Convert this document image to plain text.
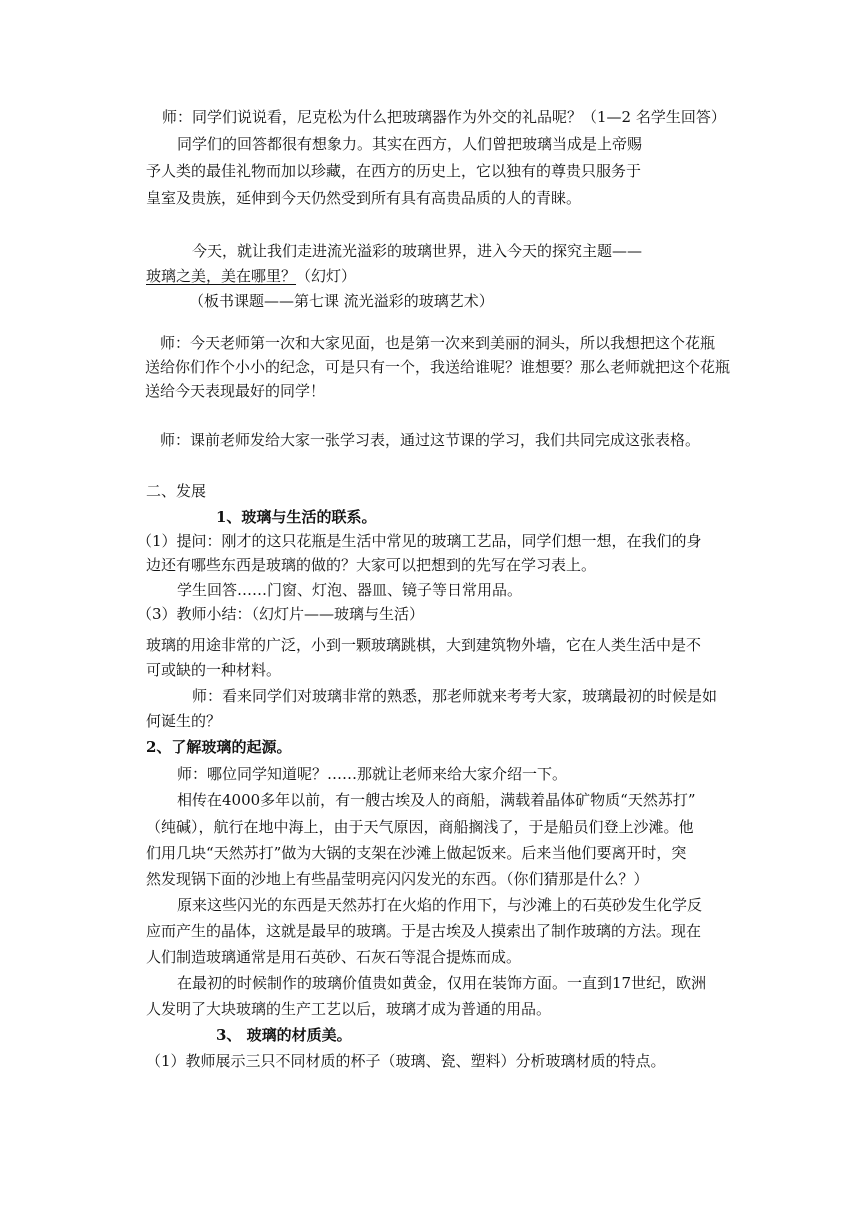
师：同学们说说看，尼克松为什么把玻璃器作为外交的礼品呢？（1—2 名学生回答）
同学们的回答都很有想象力。其实在西方，人们曾把玻璃当成是上帝赐
予人类的最佳礼物而加以珍藏，在西方的历史上，它以独有的尊贵只服务于
皇室及贵族，延伸到今天仍然受到所有具有高贵品质的人的青睐。
今天，就让我们走进流光溢彩的玻璃世界，进入今天的探究主题——
玻璃之美，美在哪里？（幻灯）
（板书课题——第七课 流光溢彩的玻璃艺术）
师：今天老师第一次和大家见面，也是第一次来到美丽的洞头，所以我想把这个花瓶
送给你们作个小小的纪念，可是只有一个，我送给谁呢？谁想要？那么老师就把这个花瓶
送给今天表现最好的同学！
师：课前老师发给大家一张学习表，通过这节课的学习，我们共同完成这张表格。
二、发展
1、玻璃与生活的联系。
（1）提问：刚才的这只花瓶是生活中常见的玻璃工艺品，同学们想一想，在我们的身
边还有哪些东西是玻璃的做的？大家可以把想到的先写在学习表上。
学生回答……门窗、灯泡、器皿、镜子等日常用品。
（3）教师小结：（幻灯片——玻璃与生活）
玻璃的用途非常的广泛，小到一颗玻璃跳棋，大到建筑物外墙，它在人类生活中是不
可或缺的一种材料。
师：看来同学们对玻璃非常的熟悉，那老师就来考考大家，玻璃最初的时候是如
何诞生的？
2、了解玻璃的起源。
师：哪位同学知道呢？……那就让老师来给大家介绍一下。
相传在4000多年以前，有一艘古埃及人的商船，满载着晶体矿物质“天然苏打”
（纯碱），航行在地中海上，由于天气原因，商船搁浅了，于是船员们登上沙滩。他
们用几块“天然苏打”做为大锅的支架在沙滩上做起饭来。后来当他们要离开时，突
然发现锅下面的沙地上有些晶莹明亮闪闪发光的东西。（你们猜那是什么？）
原来这些闪光的东西是天然苏打在火焰的作用下，与沙滩上的石英砂发生化学反
应而产生的晶体，这就是最早的玻璃。于是古埃及人摸索出了制作玻璃的方法。现在
人们制造玻璃通常是用石英砂、石灰石等混合提炼而成。
在最初的时候制作的玻璃价值贵如黄金，仅用在装饰方面。一直到17世纪，欧洲
人发明了大块玻璃的生产工艺以后，玻璃才成为普通的用品。
3、 玻璃的材质美。
（1）教师展示三只不同材质的杯子（玻璃、瓷、塑料）分析玻璃材质的特点。
